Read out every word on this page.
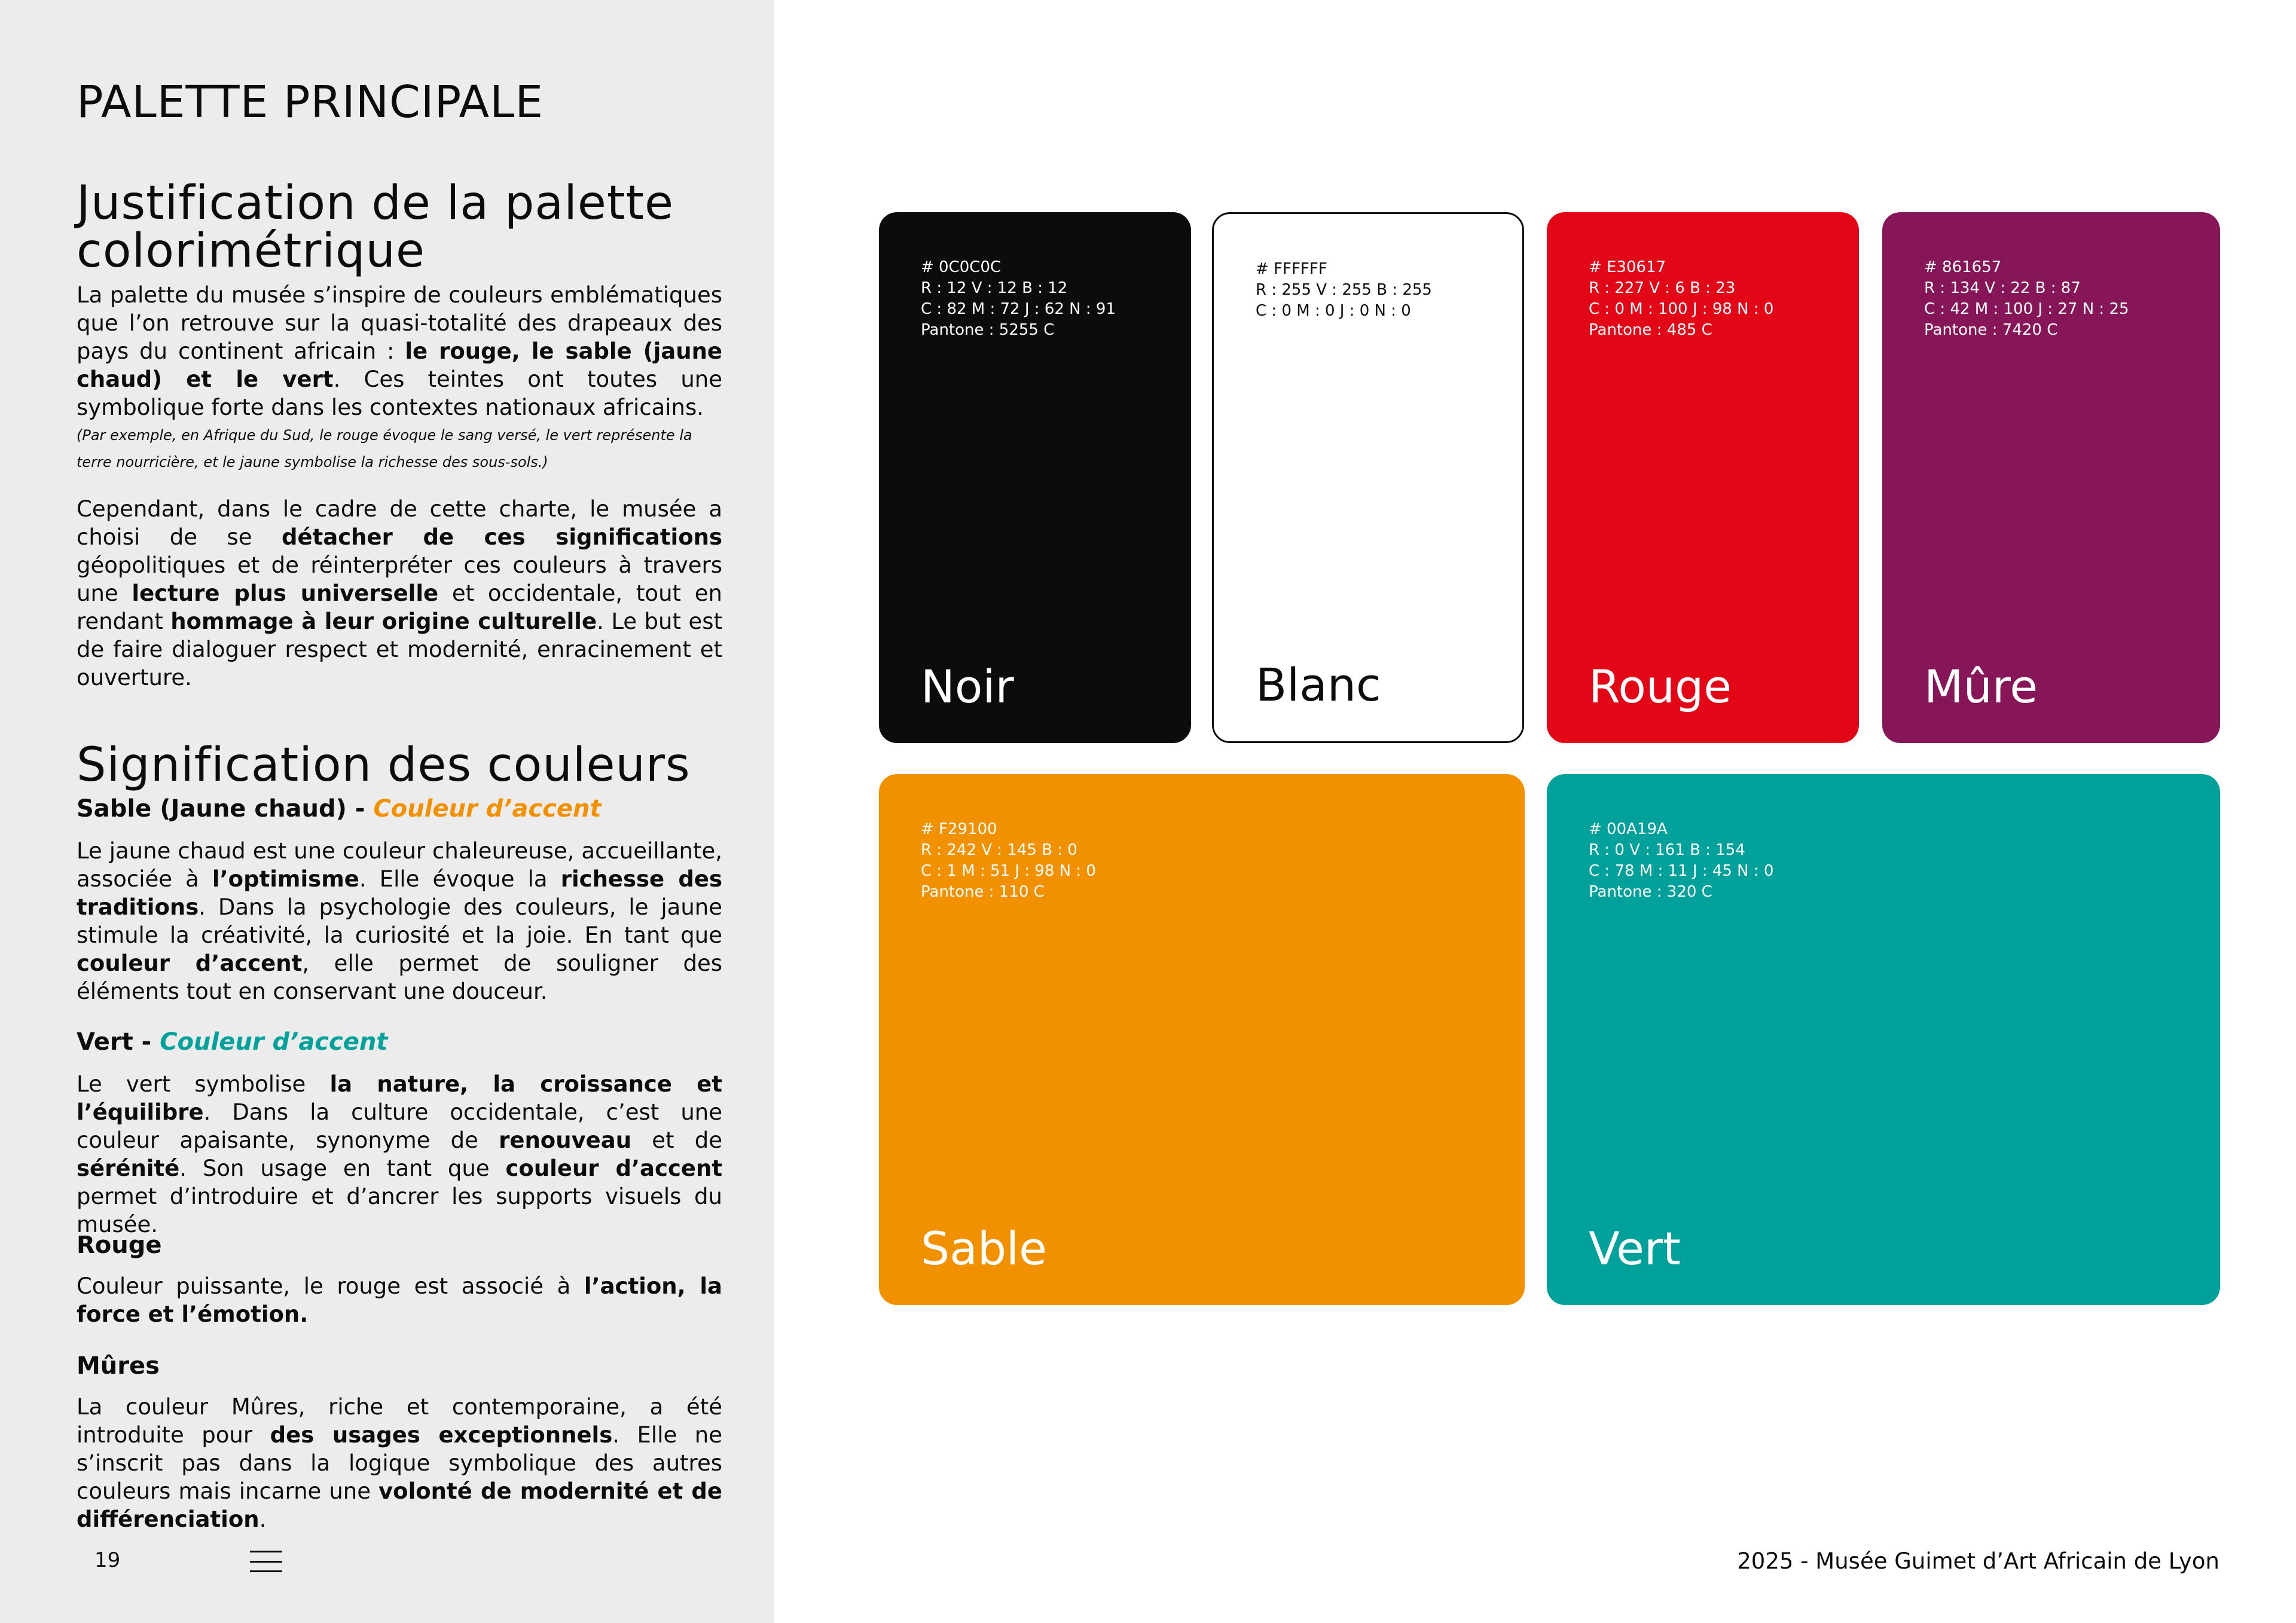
PALETTE PRINCIPALE
Justification de la palette
colorimétrique

La palette du musée s’inspire de couleurs emblématiques que l’on retrouve sur la quasi-totalité des drapeaux des pays du continent africain : le rouge, le sable (jaune chaud) et le vert. Ces teintes ont toutes une symbolique forte dans les contextes nationaux africains.

(Par exemple, en Afrique du Sud, le rouge évoque le sang versé, le vert représente la terre nourricière, et le jaune symbolise la richesse des sous-sols.)

Cependant, dans le cadre de cette charte, le musée a choisi de se détacher de ces significations géopolitiques et de réinterpréter ces couleurs à travers une lecture plus universelle et occidentale, tout en rendant hommage à leur origine culturelle. Le but est de faire dialoguer respect et modernité, enracinement et ouverture.

Signification des couleurs
Sable (Jaune chaud) - Couleur d’accent

Le jaune chaud est une couleur chaleureuse, accueillante, associée à l’optimisme. Elle évoque la richesse des traditions. Dans la psychologie des couleurs, le jaune stimule la créativité, la curiosité et la joie. En tant que couleur d’accent, elle permet de souligner des éléments tout en conservant une douceur.

Vert - Couleur d’accent

Le vert symbolise la nature, la croissance et l’équilibre. Dans la culture occidentale, c’est une couleur apaisante, synonyme de renouveau et de sérénité. Son usage en tant que couleur d’accent permet d’introduire et d’ancrer les supports visuels du musée.

Rouge

Couleur puissante, le rouge est associé à l’action, la force et l’émotion.

Mûres

La couleur Mûres, riche et contemporaine, a été introduite pour des usages exceptionnels. Elle ne s’inscrit pas dans la logique symbolique des autres couleurs mais incarne une volonté de modernité et de différenciation.

19

# 0C0C0C
R : 12 V : 12 B : 12
C : 82 M : 72 J : 62 N : 91
Pantone : 5255 C

Noir

# FFFFFF
R : 255 V : 255 B : 255
C : 0 M : 0 J : 0 N : 0

Blanc

# E30617
R : 227 V : 6 B : 23
C : 0 M : 100 J : 98 N : 0
Pantone : 485 C

Rouge

# 861657
R : 134 V : 22 B : 87
C : 42 M : 100 J : 27 N : 25
Pantone : 7420 C

Mûre

# F29100
R : 242 V : 145 B : 0
C : 1 M : 51 J : 98 N : 0
Pantone : 110 C

Sable

# 00A19A
R : 0 V : 161 B : 154
C : 78 M : 11 J : 45 N : 0
Pantone : 320 C

Vert
2025 - Musée Guimet d’Art Africain de Lyon
